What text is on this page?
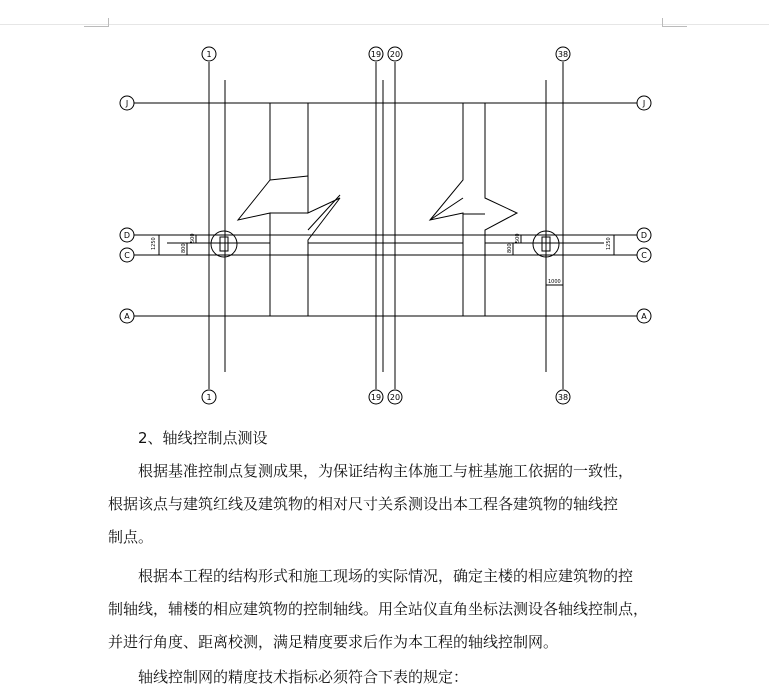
1	19 20	38
1	19 20	38
J	J
D	D
C	C
A	A
1250	1250
500	500
800	800
1000

2、轴线控制点测设

根据基准控制点复测成果，为保证结构主体施工与桩基施工依据的一致性，
根据该点与建筑红线及建筑物的相对尺寸关系测设出本工程各建筑物的轴线控
制点。

根据本工程的结构形式和施工现场的实际情况，确定主楼的相应建筑物的控
制轴线，辅楼的相应建筑物的控制轴线。用全站仪直角坐标法测设各轴线控制点，
并进行角度、距离校测，满足精度要求后作为本工程的轴线控制网。

轴线控制网的精度技术指标必须符合下表的规定：
